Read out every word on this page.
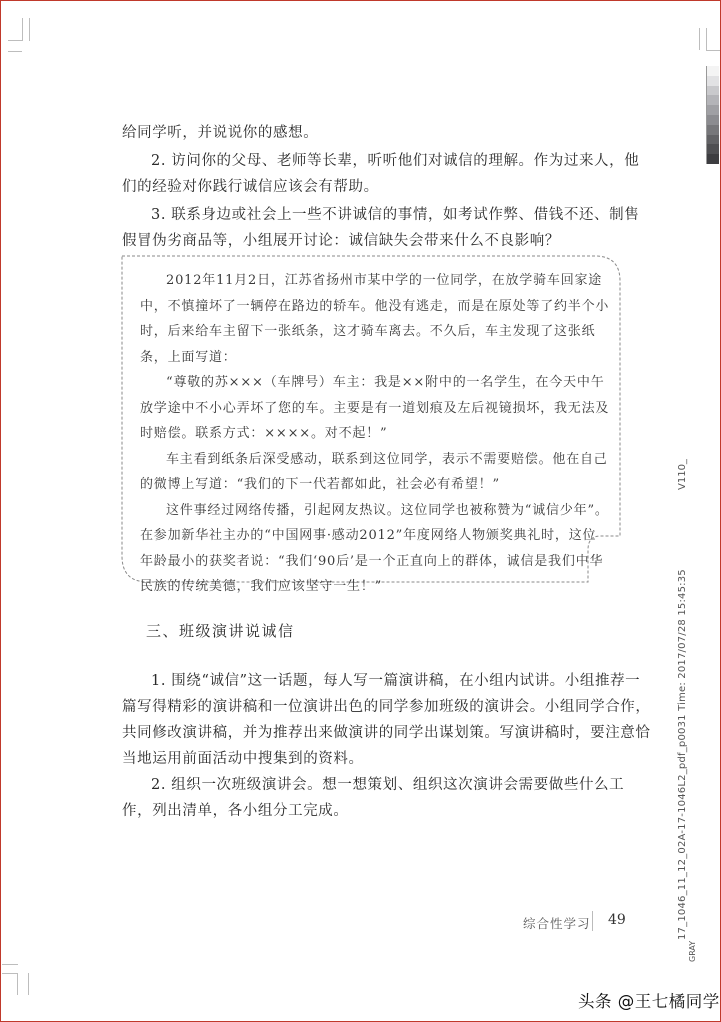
给同学听，并说说你的感想。

2. 访问你的父母、老师等长辈，听听他们对诚信的理解。作为过来人，他们的经验对你践行诚信应该会有帮助。

3. 联系身边或社会上一些不讲诚信的事情，如考试作弊、借钱不还、制售假冒伪劣商品等，小组展开讨论：诚信缺失会带来什么不良影响？

2012年11月2日，江苏省扬州市某中学的一位同学，在放学骑车回家途中，不慎撞坏了一辆停在路边的轿车。他没有逃走，而是在原处等了约半个小时，后来给车主留下一张纸条，这才骑车离去。不久后，车主发现了这张纸条，上面写道：

“尊敬的苏×××（车牌号）车主：我是××附中的一名学生，在今天中午放学途中不小心弄坏了您的车。主要是有一道划痕及左后视镜损坏，我无法及时赔偿。联系方式：××××。对不起！”

车主看到纸条后深受感动，联系到这位同学，表示不需要赔偿。他在自己的微博上写道：“我们的下一代若都如此，社会必有希望！”

这件事经过网络传播，引起网友热议。这位同学也被称赞为“诚信少年”。在参加新华社主办的“中国网事·感动2012”年度网络人物颁奖典礼时，这位年龄最小的获奖者说：“我们‘90后’是一个正直向上的群体，诚信是我们中华民族的传统美德，我们应该坚守一生！”

三、班级演讲说诚信

1. 围绕“诚信”这一话题，每人写一篇演讲稿，在小组内试讲。小组推荐一篇写得精彩的演讲稿和一位演讲出色的同学参加班级的演讲会。小组同学合作，共同修改演讲稿，并为推荐出来做演讲的同学出谋划策。写演讲稿时，要注意恰当地运用前面活动中搜集到的资料。

2. 组织一次班级演讲会。想一想策划、组织这次演讲会需要做些什么工作，列出清单，各小组分工完成。

综合性学习 49
V110_
17_1046_11_12_02A-17-1046L2_pdf_p0031 Time: 2017/07/28 15:45:35
GRAY
头条 @王七橘同学
